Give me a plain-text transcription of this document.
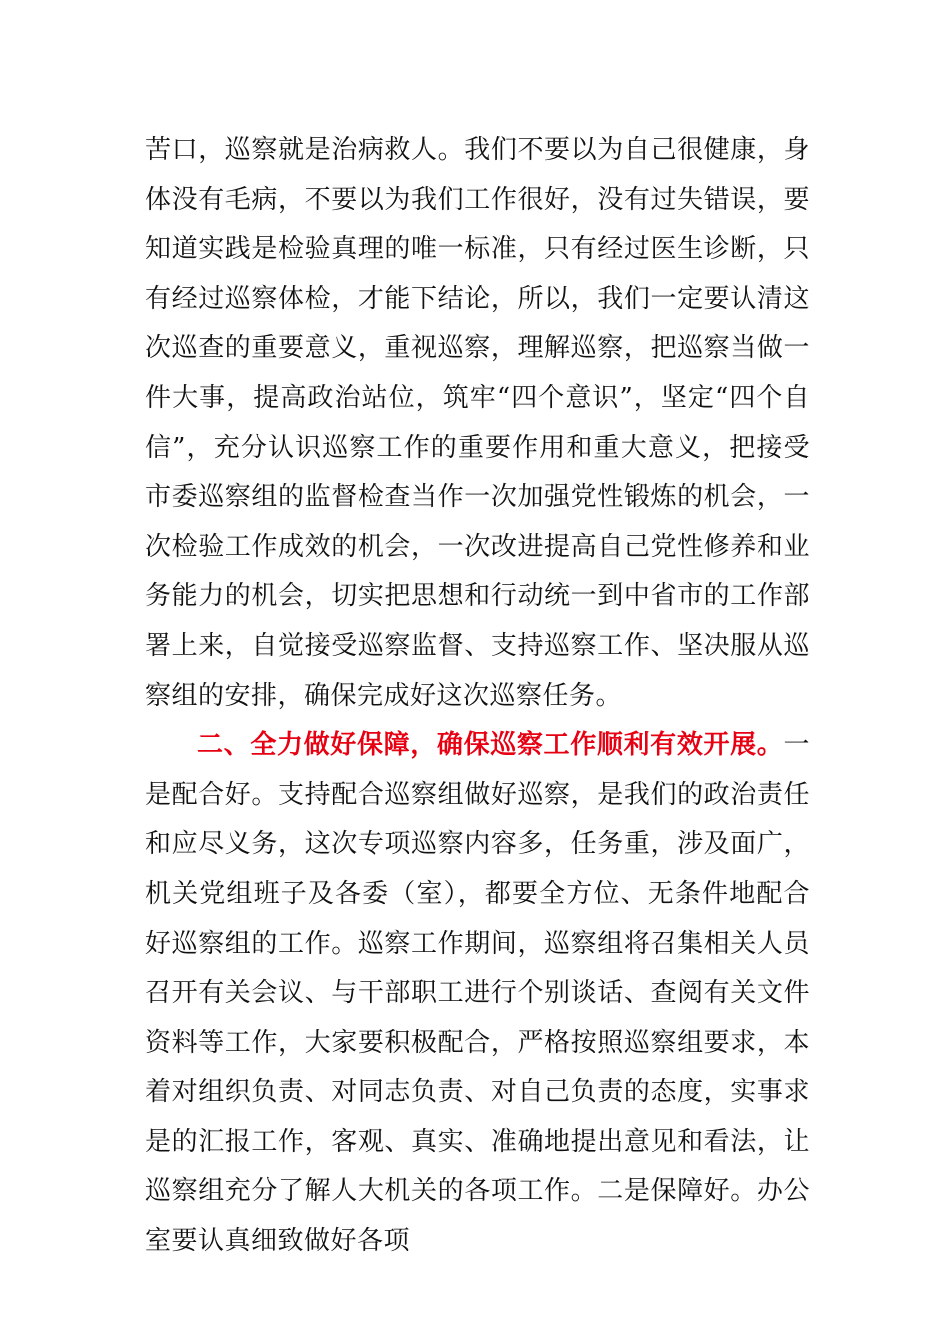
苦口，巡察就是治病救人。我们不要以为自己很健康，身体没有毛病，不要以为我们工作很好，没有过失错误，要知道实践是检验真理的唯一标准，只有经过医生诊断，只有经过巡察体检，才能下结论，所以，我们一定要认清这次巡查的重要意义，重视巡察，理解巡察，把巡察当做一件大事，提高政治站位，筑牢“四个意识”，坚定“四个自信”，充分认识巡察工作的重要作用和重大意义，把接受市委巡察组的监督检查当作一次加强党性锻炼的机会，一次检验工作成效的机会，一次改进提高自己党性修养和业务能力的机会，切实把思想和行动统一到中省市的工作部署上来，自觉接受巡察监督、支持巡察工作、坚决服从巡察组的安排，确保完成好这次巡察任务。

二、全力做好保障，确保巡察工作顺利有效开展。一是配合好。支持配合巡察组做好巡察，是我们的政治责任和应尽义务，这次专项巡察内容多，任务重，涉及面广，机关党组班子及各委（室），都要全方位、无条件地配合好巡察组的工作。巡察工作期间，巡察组将召集相关人员召开有关会议、与干部职工进行个别谈话、查阅有关文件资料等工作，大家要积极配合，严格按照巡察组要求，本着对组织负责、对同志负责、对自己负责的态度，实事求是的汇报工作，客观、真实、准确地提出意见和看法，让巡察组充分了解人大机关的各项工作。二是保障好。办公室要认真细致做好各项
